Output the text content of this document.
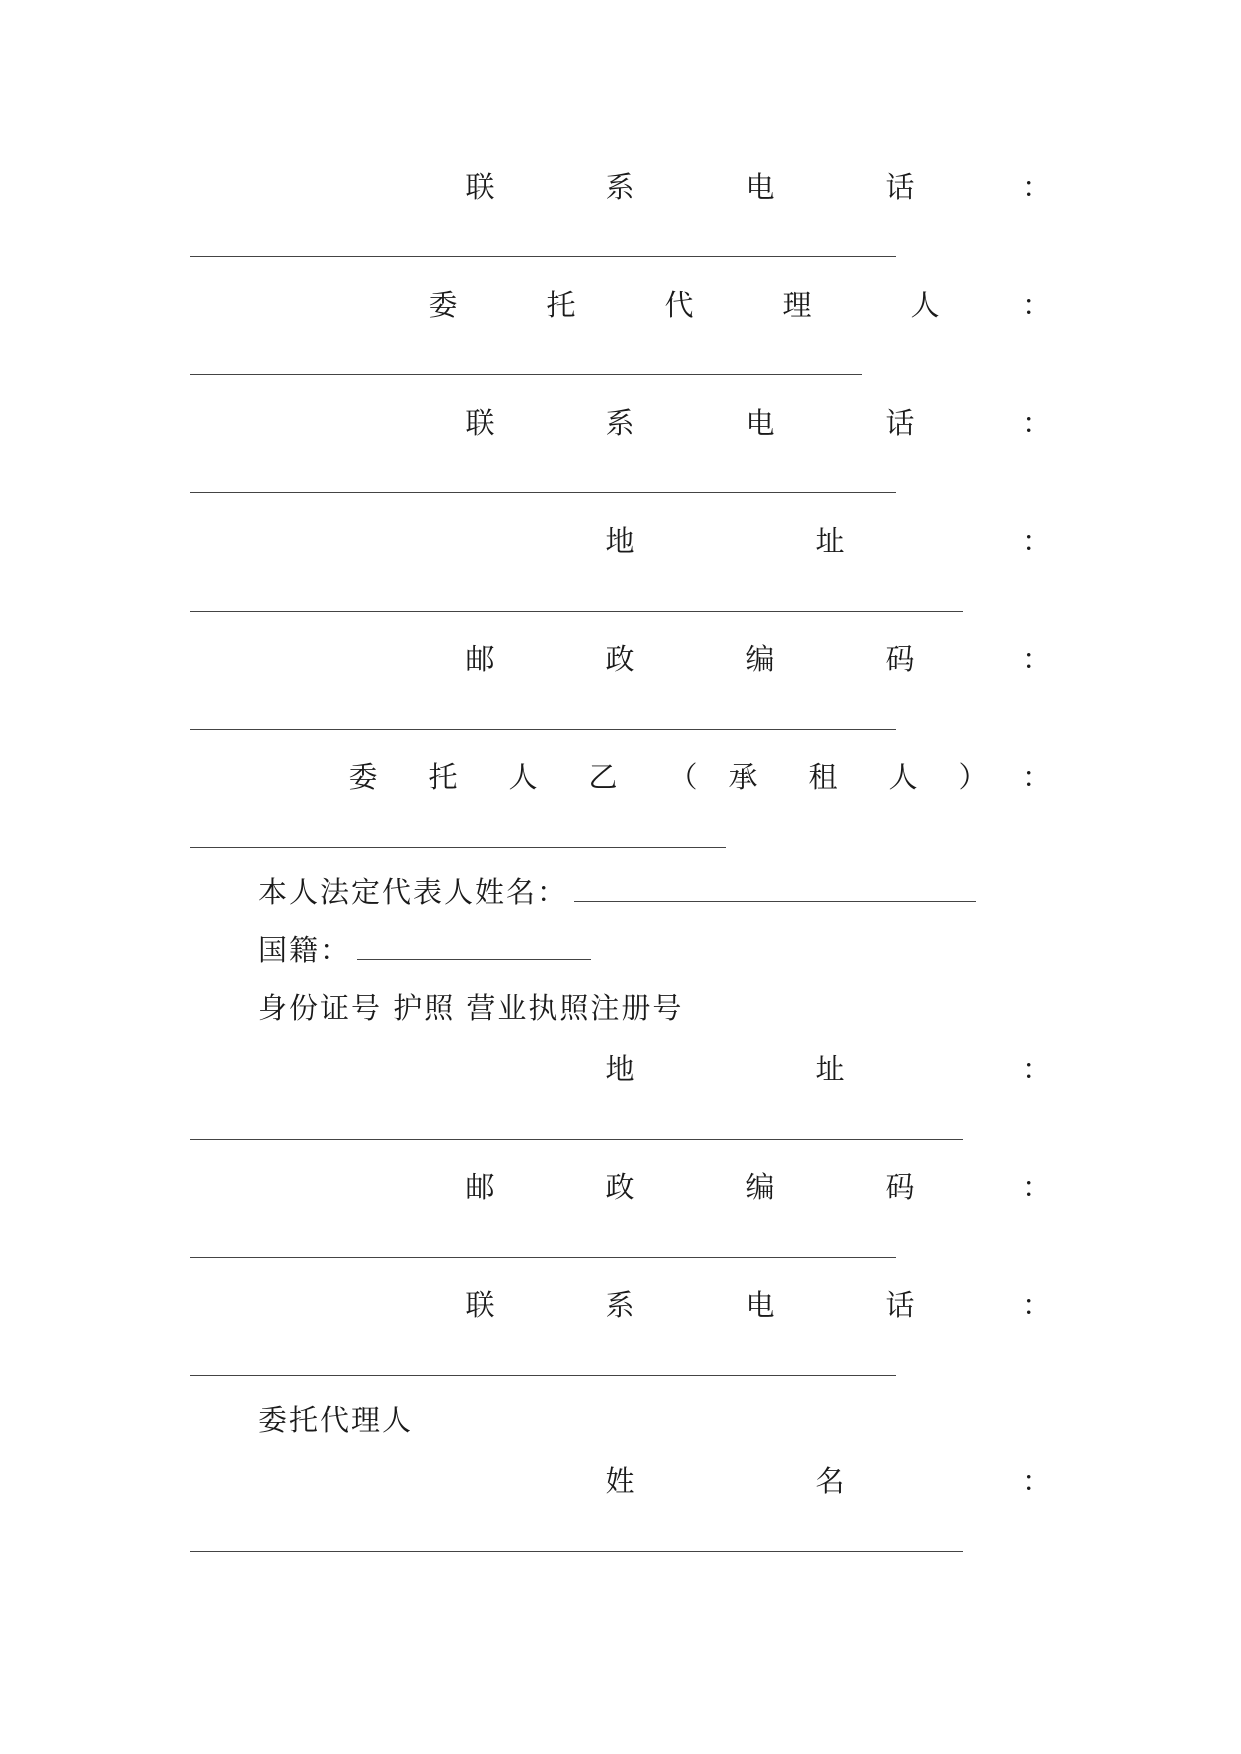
联	系	电	话	：
委	托	代	理	人	：
联	系	电	话	：
地	址	：
邮	政	编	码	：
委 托 人 乙 （ 承 租 人 ） ：
本人法定代表人姓名：
国籍：
身份证号 护照 营业执照注册号
地	址	：
邮	政	编	码	：
联	系	电	话	：
委托代理人
姓	名	：
